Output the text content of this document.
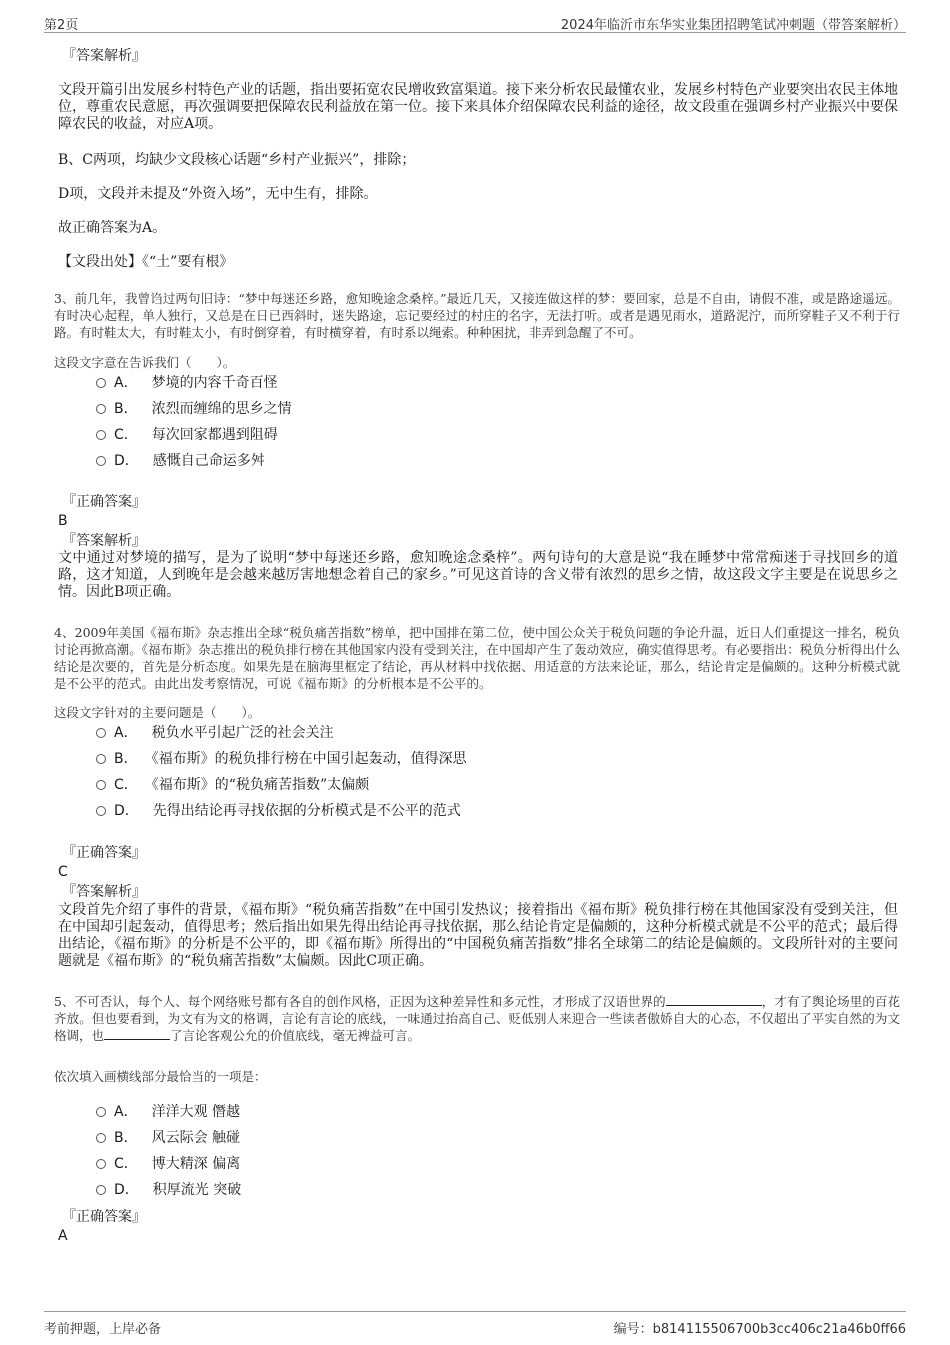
第2页	2024年临沂市东华实业集团招聘笔试冲刺题（带答案解析）
『答案解析』

文段开篇引出发展乡村特色产业的话题，指出要拓宽农民增收致富渠道。接下来分析农民最懂农业，发展乡村特色产业要突出农民主体地位，尊重农民意愿，再次强调要把保障农民利益放在第一位。接下来具体介绍保障农民利益的途径，故文段重在强调乡村产业振兴中要保障农民的收益，对应A项。

B、C两项，均缺少文段核心话题“乡村产业振兴”，排除；
D项，文段并未提及“外资入场”，无中生有，排除。
故正确答案为A。
【文段出处】《“土”要有根》

3、前几年，我曾诌过两句旧诗：“梦中每迷还乡路，愈知晚途念桑梓。”最近几天，又接连做这样的梦：要回家，总是不自由，请假不准，或是路途遥远。有时决心起程，单人独行，又总是在日已西斜时，迷失路途，忘记要经过的村庄的名字，无法打听。或者是遇见雨水，道路泥泞，而所穿鞋子又不利于行路。有时鞋太大，有时鞋太小，有时倒穿着，有时横穿着，有时系以绳索。种种困扰，非弄到急醒了不可。

这段文字意在告诉我们（　　）。
A． 梦境的内容千奇百怪
B． 浓烈而缠绵的思乡之情
C． 每次回家都遇到阻碍
D． 感慨自己命运多舛
『正确答案』
B
『答案解析』

文中通过对梦境的描写，是为了说明“梦中每迷还乡路，愈知晚途念桑梓”。两句诗句的大意是说“我在睡梦中常常痴迷于寻找回乡的道路，这才知道，人到晚年是会越来越厉害地想念着自己的家乡。”可见这首诗的含义带有浓烈的思乡之情，故这段文字主要是在说思乡之情。因此B项正确。

4、2009年美国《福布斯》杂志推出全球“税负痛苦指数”榜单，把中国排在第二位，使中国公众关于税负问题的争论升温，近日人们重提这一排名，税负讨论再掀高潮。《福布斯》杂志推出的税负排行榜在其他国家内没有受到关注，在中国却产生了轰动效应，确实值得思考。有必要指出：税负分析得出什么结论是次要的，首先是分析态度。如果先是在脑海里框定了结论，再从材料中找依据、用适意的方法来论证，那么，结论肯定是偏颇的。这种分析模式就是不公平的范式。由此出发考察情况，可说《福布斯》的分析根本是不公平的。

这段文字针对的主要问题是（　　）。
A． 税负水平引起广泛的社会关注
B． 《福布斯》的税负排行榜在中国引起轰动，值得深思
C． 《福布斯》的“税负痛苦指数”太偏颇
D． 先得出结论再寻找依据的分析模式是不公平的范式
『正确答案』
C
『答案解析』

文段首先介绍了事件的背景，《福布斯》“税负痛苦指数”在中国引发热议；接着指出《福布斯》税负排行榜在其他国家没有受到关注，但在中国却引起轰动，值得思考；然后指出如果先得出结论再寻找依据，那么结论肯定是偏颇的，这种分析模式就是不公平的范式；最后得出结论，《福布斯》的分析是不公平的，即《福布斯》所得出的“中国税负痛苦指数”排名全球第二的结论是偏颇的。文段所针对的主要问题就是《福布斯》的“税负痛苦指数”太偏颇。因此C项正确。

5、不可否认，每个人、每个网络账号都有各自的创作风格，正因为这种差异性和多元性，才形成了汉语世界的	，才有了舆论场里的百花齐放。但也要看到，为文有为文的格调，言论有言论的底线，一味通过抬高自己、贬低别人来迎合一些读者傲娇自大的心态，不仅超出了平实自然的为文格调，也	了言论客观公允的价值底线，毫无裨益可言。

依次填入画横线部分最恰当的一项是：
A． 洋洋大观 僭越
B． 风云际会 触碰
C． 博大精深 偏离
D． 积厚流光 突破
『正确答案』
A
考前押题，上岸必备	编号：b814115506700b3cc406c21a46b0ff66
